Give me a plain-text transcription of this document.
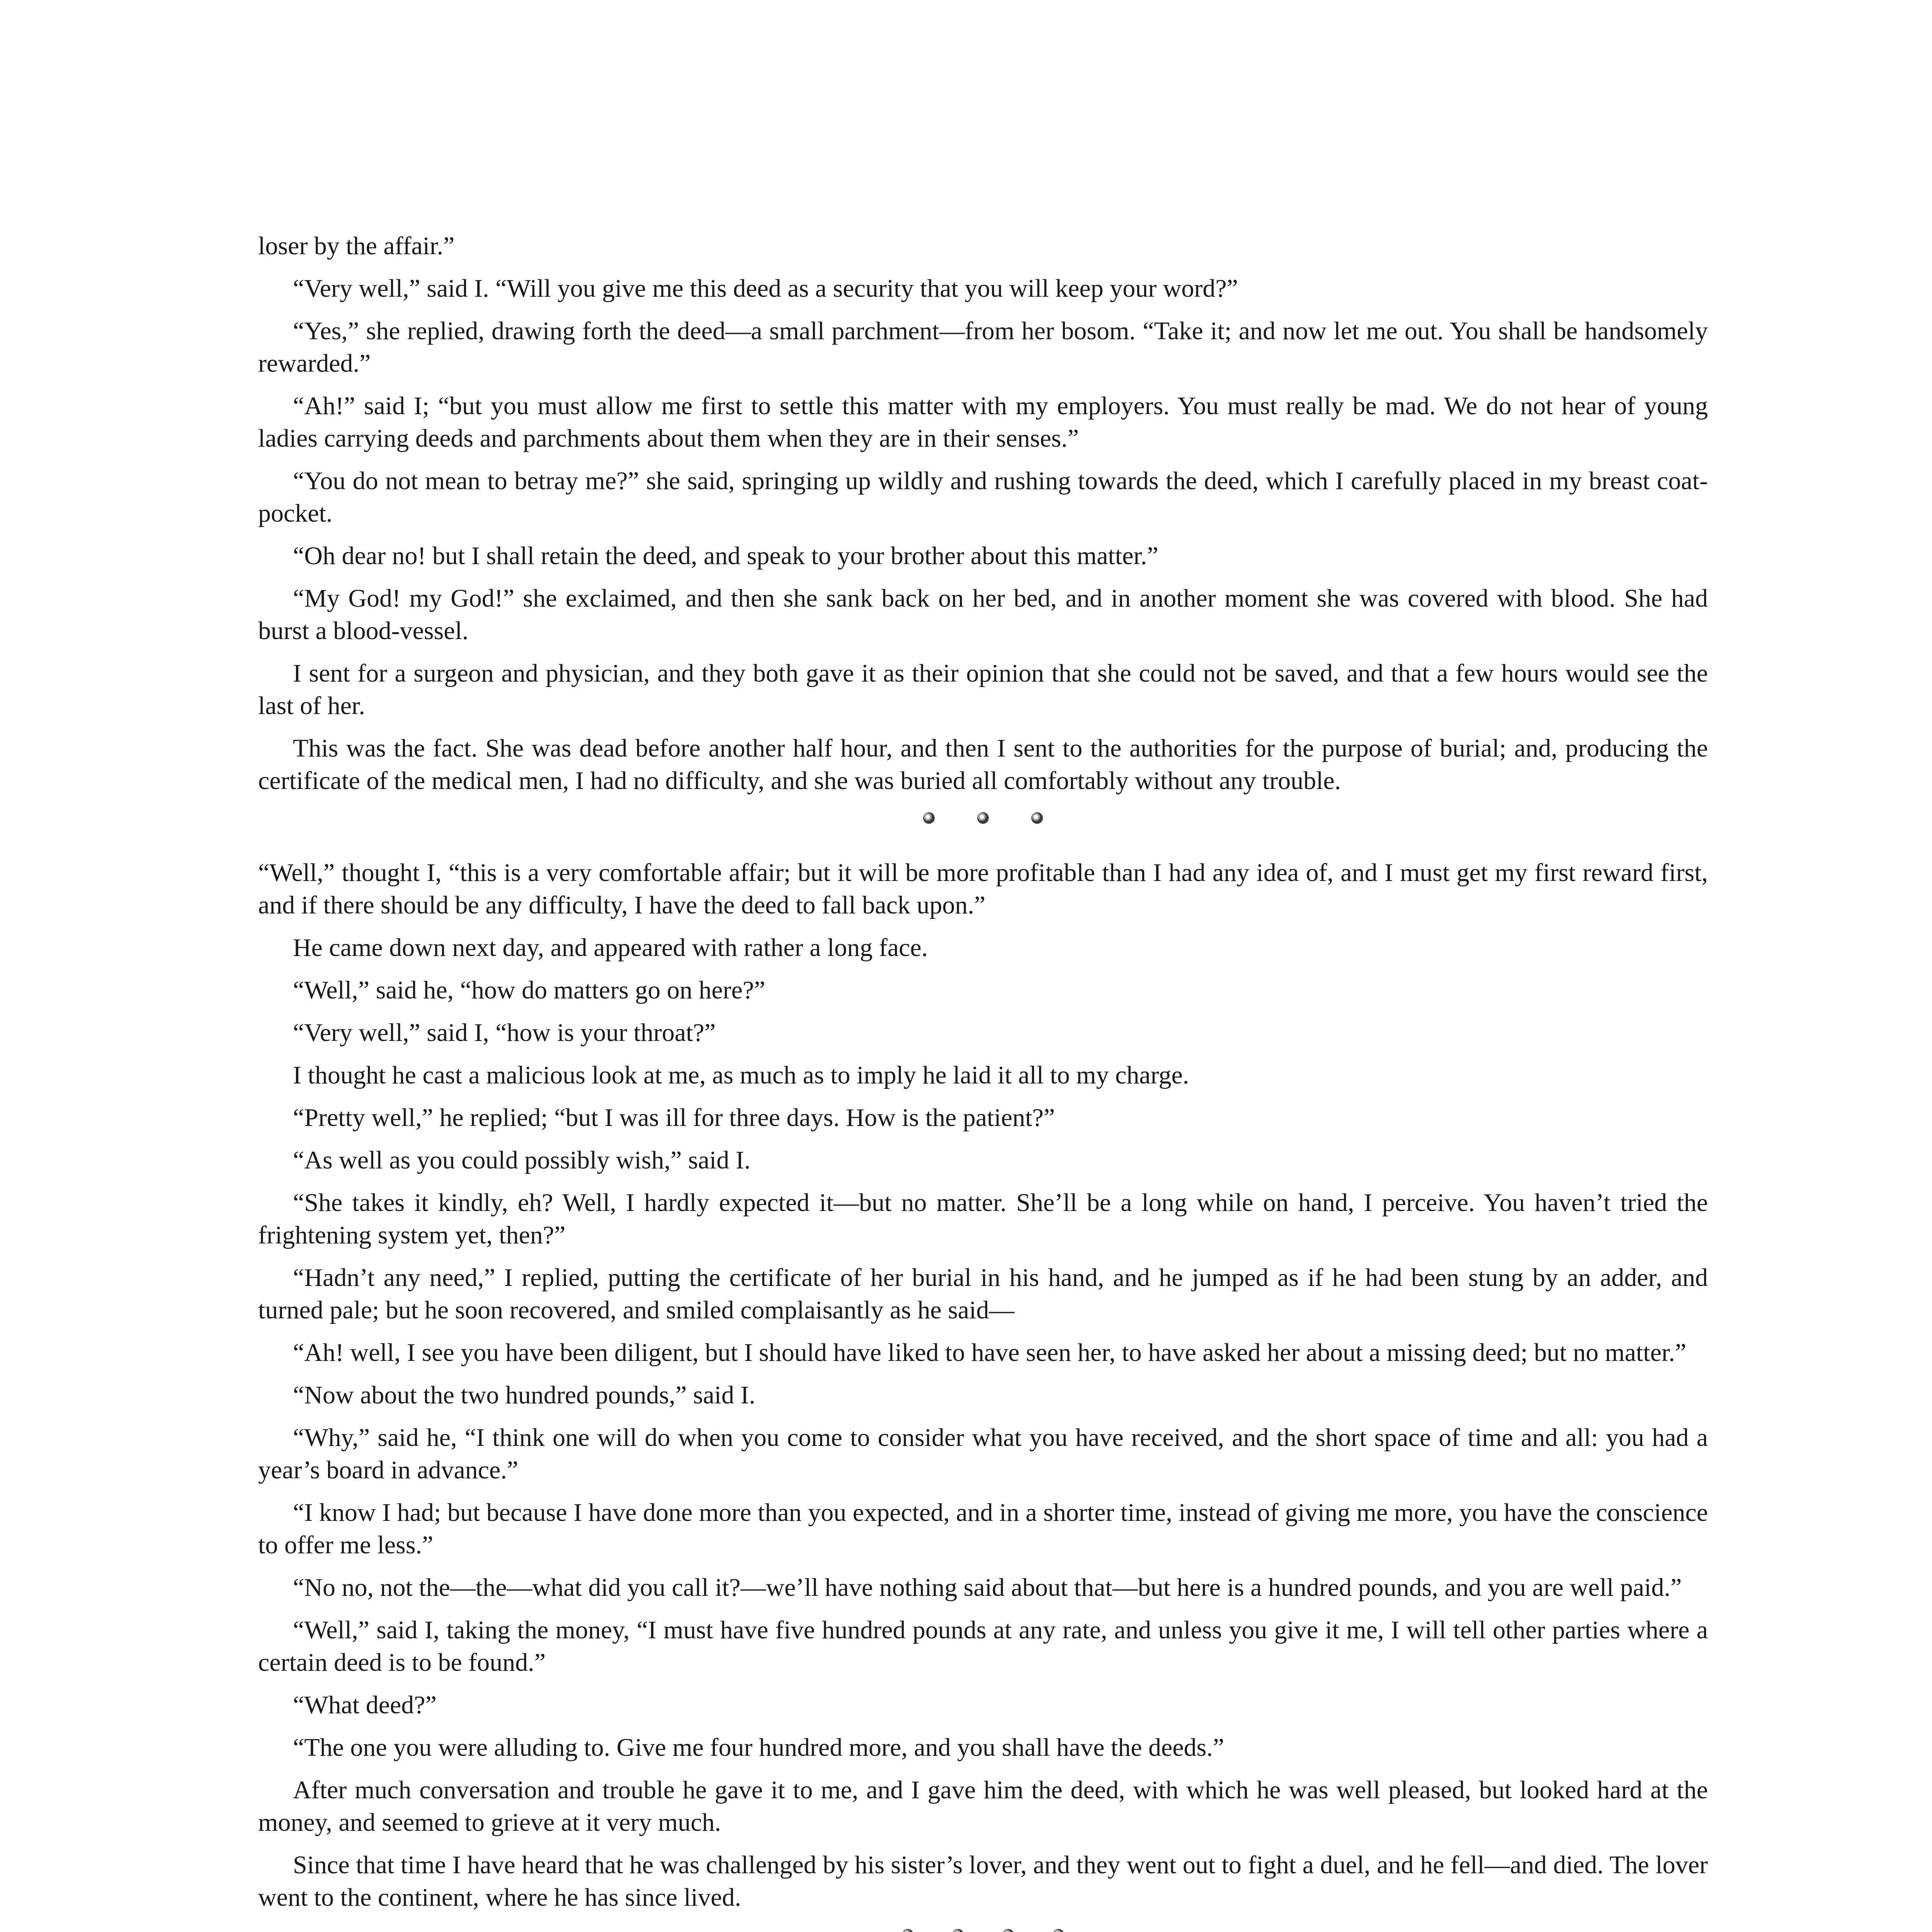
loser by the affair.”

“Very well,” said I. “Will you give me this deed as a security that you will keep your word?”

“Yes,” she replied, drawing forth the deed—a small parchment—from her bosom. “Take it; and now let me out. You shall be handsomely rewarded.”

“Ah!” said I; “but you must allow me first to settle this matter with my employers. You must really be mad. We do not hear of young ladies carrying deeds and parchments about them when they are in their senses.”

“You do not mean to betray me?” she said, springing up wildly and rushing towards the deed, which I carefully placed in my breast coat-pocket.

“Oh dear no! but I shall retain the deed, and speak to your brother about this matter.”

“My God! my God!” she exclaimed, and then she sank back on her bed, and in another moment she was covered with blood. She had burst a blood-vessel.

I sent for a surgeon and physician, and they both gave it as their opinion that she could not be saved, and that a few hours would see the last of her.

This was the fact. She was dead before another half hour, and then I sent to the authorities for the purpose of burial; and, producing the certificate of the medical men, I had no difficulty, and she was buried all comfortably without any trouble.

“Well,” thought I, “this is a very comfortable affair; but it will be more profitable than I had any idea of, and I must get my first reward first, and if there should be any difficulty, I have the deed to fall back upon.”

He came down next day, and appeared with rather a long face.

“Well,” said he, “how do matters go on here?”

“Very well,” said I, “how is your throat?”

I thought he cast a malicious look at me, as much as to imply he laid it all to my charge.

“Pretty well,” he replied; “but I was ill for three days. How is the patient?”

“As well as you could possibly wish,” said I.

“She takes it kindly, eh? Well, I hardly expected it—but no matter. She’ll be a long while on hand, I perceive. You haven’t tried the frightening system yet, then?”

“Hadn’t any need,” I replied, putting the certificate of her burial in his hand, and he jumped as if he had been stung by an adder, and turned pale; but he soon recovered, and smiled complaisantly as he said—

“Ah! well, I see you have been diligent, but I should have liked to have seen her, to have asked her about a missing deed; but no matter.”

“Now about the two hundred pounds,” said I.

“Why,” said he, “I think one will do when you come to consider what you have received, and the short space of time and all: you had a year’s board in advance.”

“I know I had; but because I have done more than you expected, and in a shorter time, instead of giving me more, you have the conscience to offer me less.”

“No no, not the—the—what did you call it?—we’ll have nothing said about that—but here is a hundred pounds, and you are well paid.”

“Well,” said I, taking the money, “I must have five hundred pounds at any rate, and unless you give it me, I will tell other parties where a certain deed is to be found.”

“What deed?”

“The one you were alluding to. Give me four hundred more, and you shall have the deeds.”

After much conversation and trouble he gave it to me, and I gave him the deed, with which he was well pleased, but looked hard at the money, and seemed to grieve at it very much.

Since that time I have heard that he was challenged by his sister’s lover, and they went out to fight a duel, and he fell—and died. The lover went to the continent, where he has since lived.
